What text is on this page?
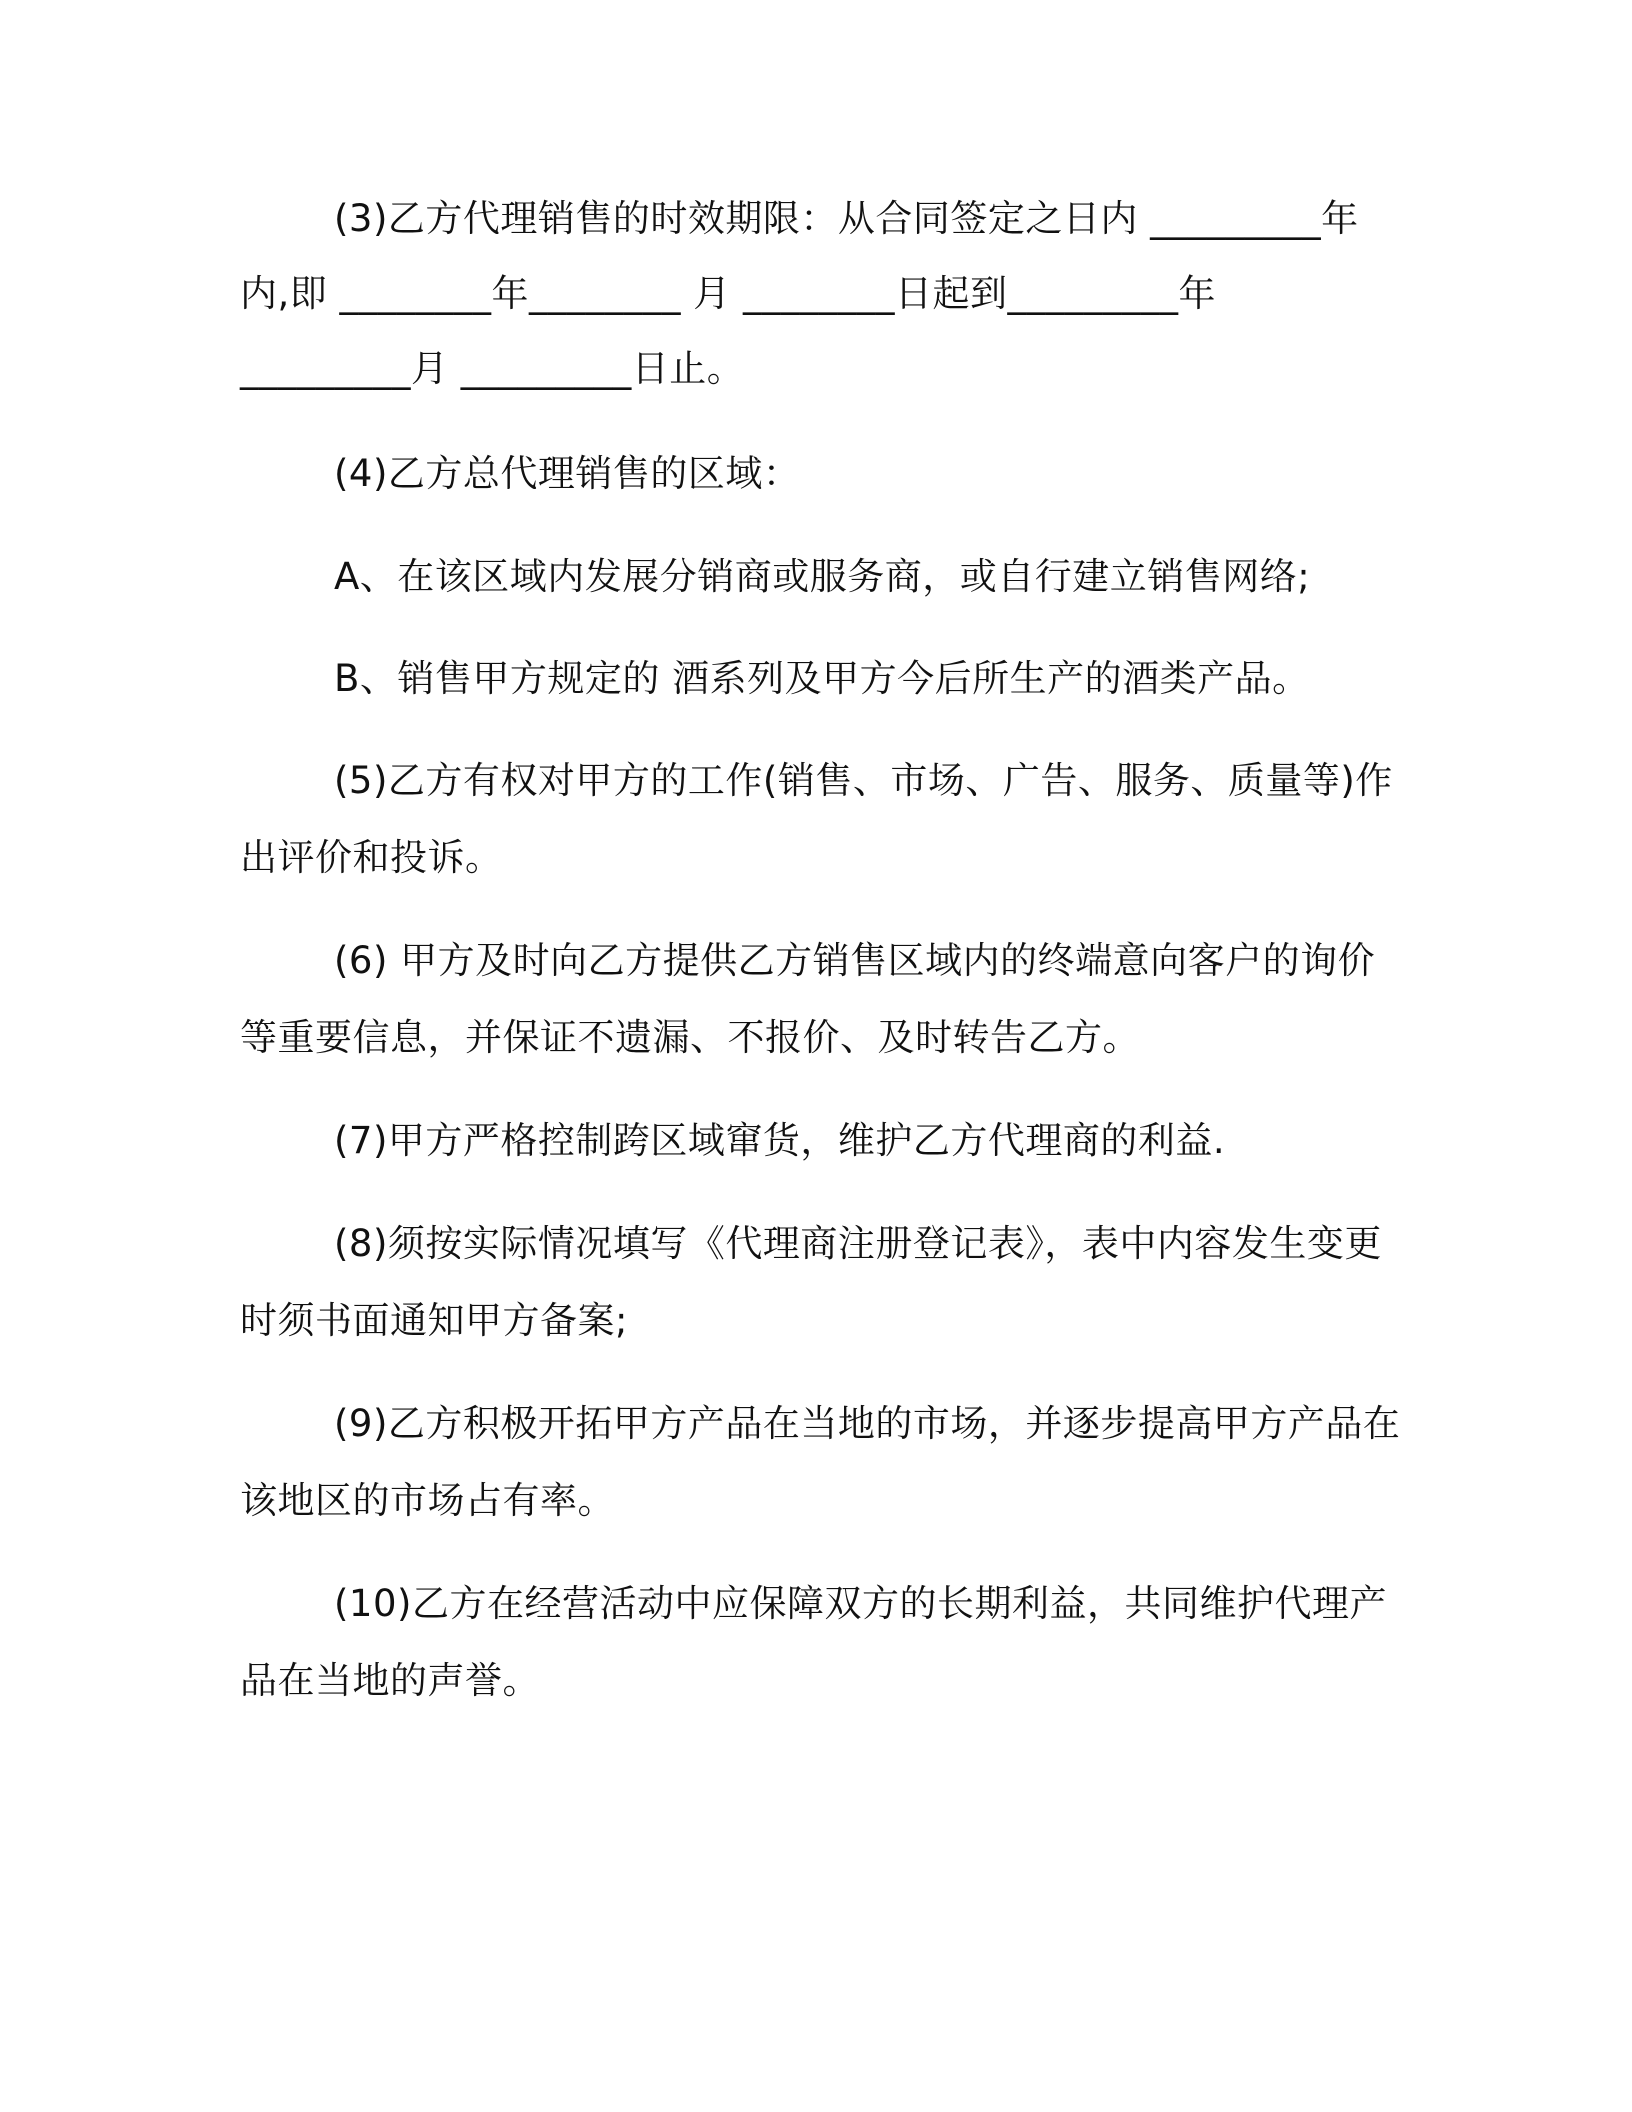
(3)乙方代理销售的时效期限：从合同签定之日内 _________年

内,即 ________年________ 月 ________日起到_________年

_________月 _________日止。

(4)乙方总代理销售的区域：

A、在该区域内发展分销商或服务商，或自行建立销售网络;

B、销售甲方规定的 酒系列及甲方今后所生产的酒类产品。

(5)乙方有权对甲方的工作(销售、市场、广告、服务、质量等)作

出评价和投诉。

(6) 甲方及时向乙方提供乙方销售区域内的终端意向客户的询价

等重要信息，并保证不遗漏、不报价、及时转告乙方。

(7)甲方严格控制跨区域窜货，维护乙方代理商的利益.

(8)须按实际情况填写《代理商注册登记表》，表中内容发生变更

时须书面通知甲方备案;

(9)乙方积极开拓甲方产品在当地的市场，并逐步提高甲方产品在

该地区的市场占有率。

(10)乙方在经营活动中应保障双方的长期利益，共同维护代理产

品在当地的声誉。
